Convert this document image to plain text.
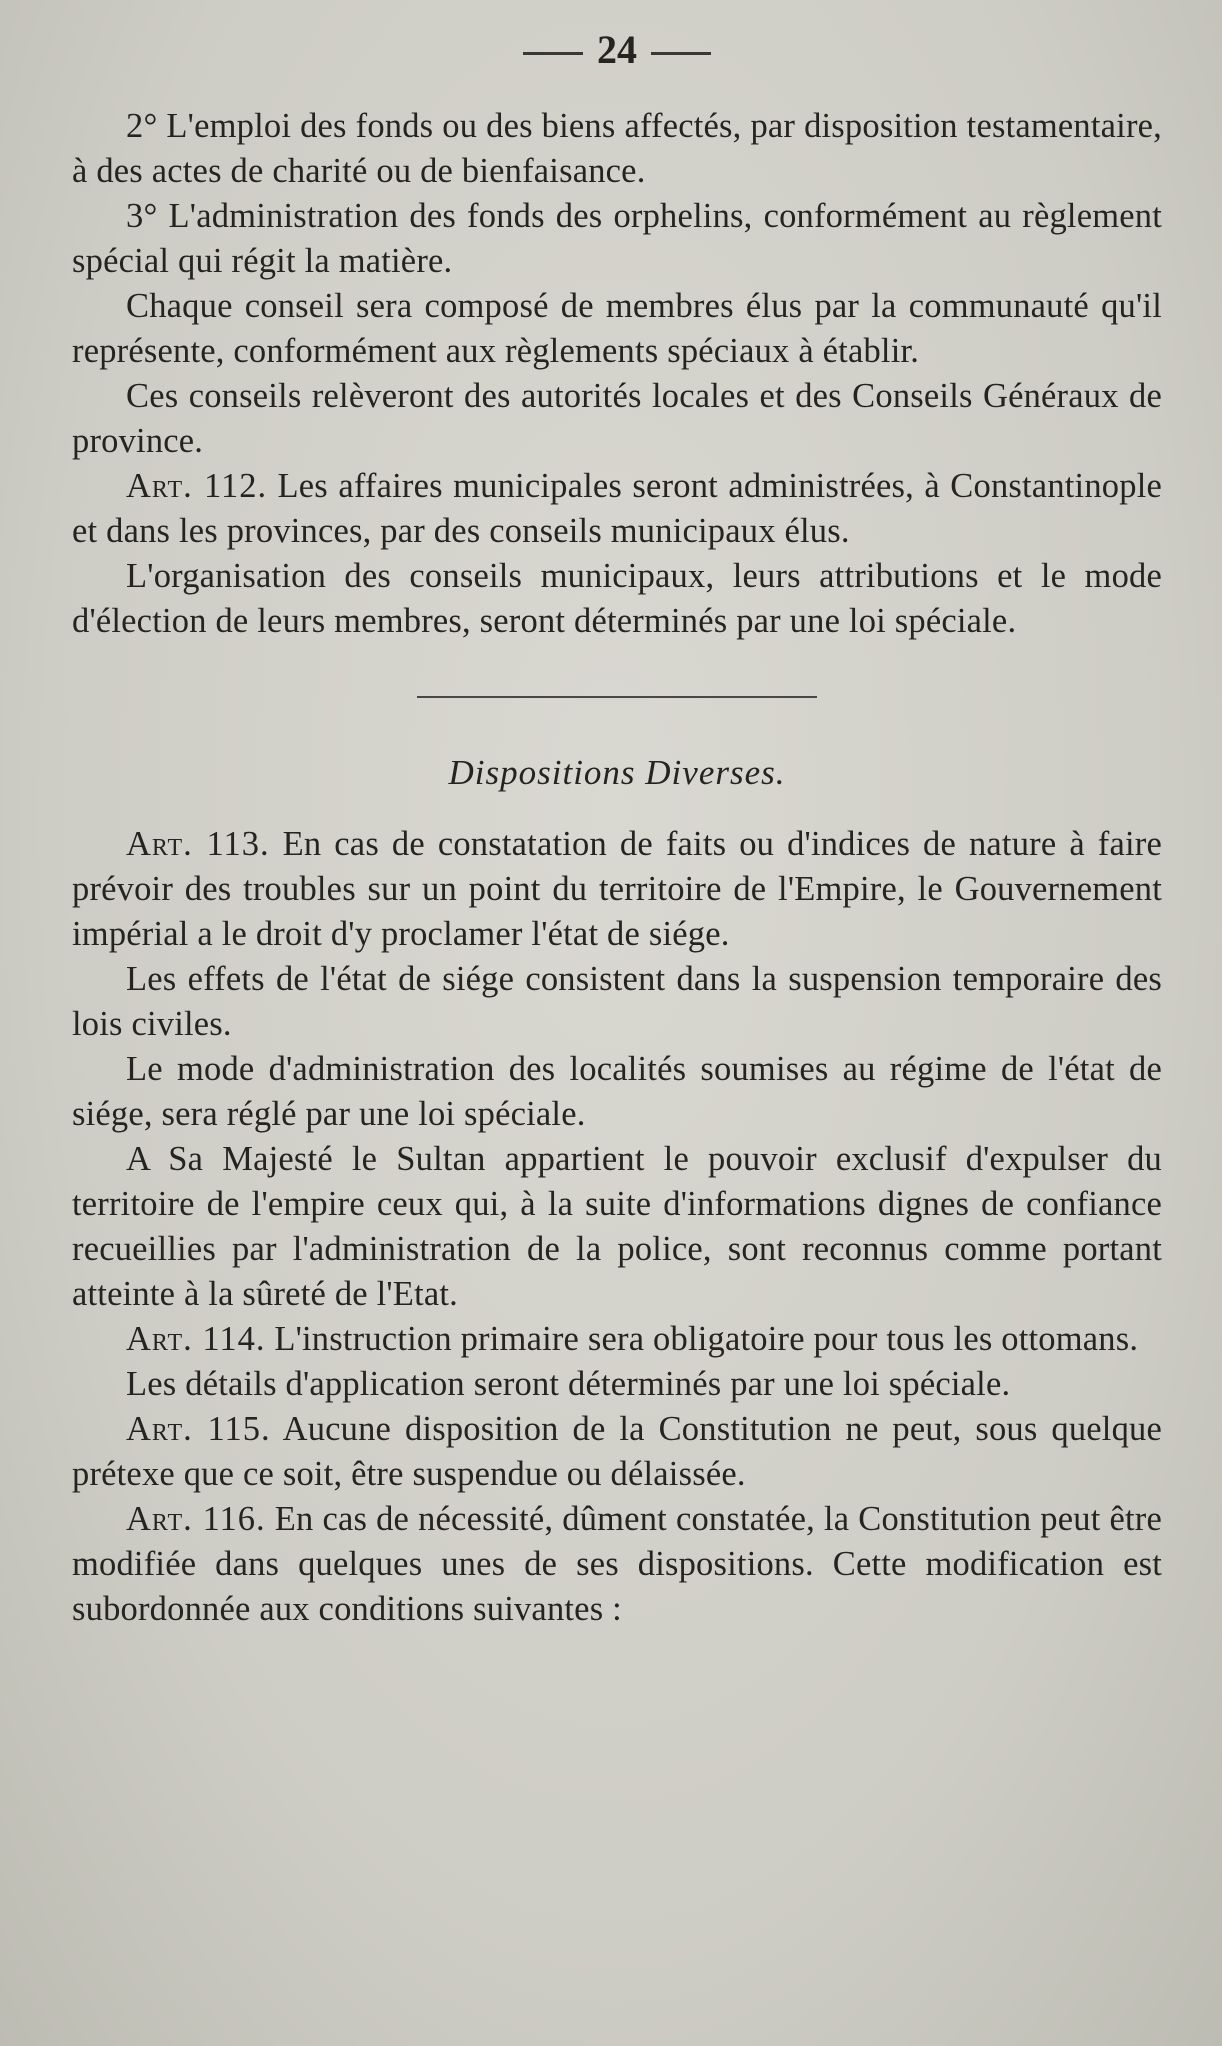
24

2° L'emploi des fonds ou des biens affectés, par disposition testamentaire, à des actes de charité ou de bienfaisance.

3° L'administration des fonds des orphelins, conformément au règlement spécial qui régit la matière.

Chaque conseil sera composé de membres élus par la communauté qu'il représente, conformément aux règlements spéciaux à établir.

Ces conseils relèveront des autorités locales et des Conseils Généraux de province.

Art. 112. Les affaires municipales seront administrées, à Constantinople et dans les provinces, par des conseils municipaux élus.

L'organisation des conseils municipaux, leurs attributions et le mode d'élection de leurs membres, seront déterminés par une loi spéciale.

Dispositions Diverses.

Art. 113. En cas de constatation de faits ou d'indices de nature à faire prévoir des troubles sur un point du territoire de l'Empire, le Gouvernement impérial a le droit d'y proclamer l'état de siége.

Les effets de l'état de siége consistent dans la suspension temporaire des lois civiles.

Le mode d'administration des localités soumises au régime de l'état de siége, sera réglé par une loi spéciale.

A Sa Majesté le Sultan appartient le pouvoir exclusif d'expulser du territoire de l'empire ceux qui, à la suite d'informations dignes de confiance recueillies par l'administration de la police, sont reconnus comme portant atteinte à la sûreté de l'Etat.

Art. 114. L'instruction primaire sera obligatoire pour tous les ottomans.

Les détails d'application seront déterminés par une loi spéciale.

Art. 115. Aucune disposition de la Constitution ne peut, sous quelque prétexe que ce soit, être suspendue ou délaissée.

Art. 116. En cas de nécessité, dûment constatée, la Constitution peut être modifiée dans quelques unes de ses dispositions. Cette modification est subordonnée aux conditions suivantes :
